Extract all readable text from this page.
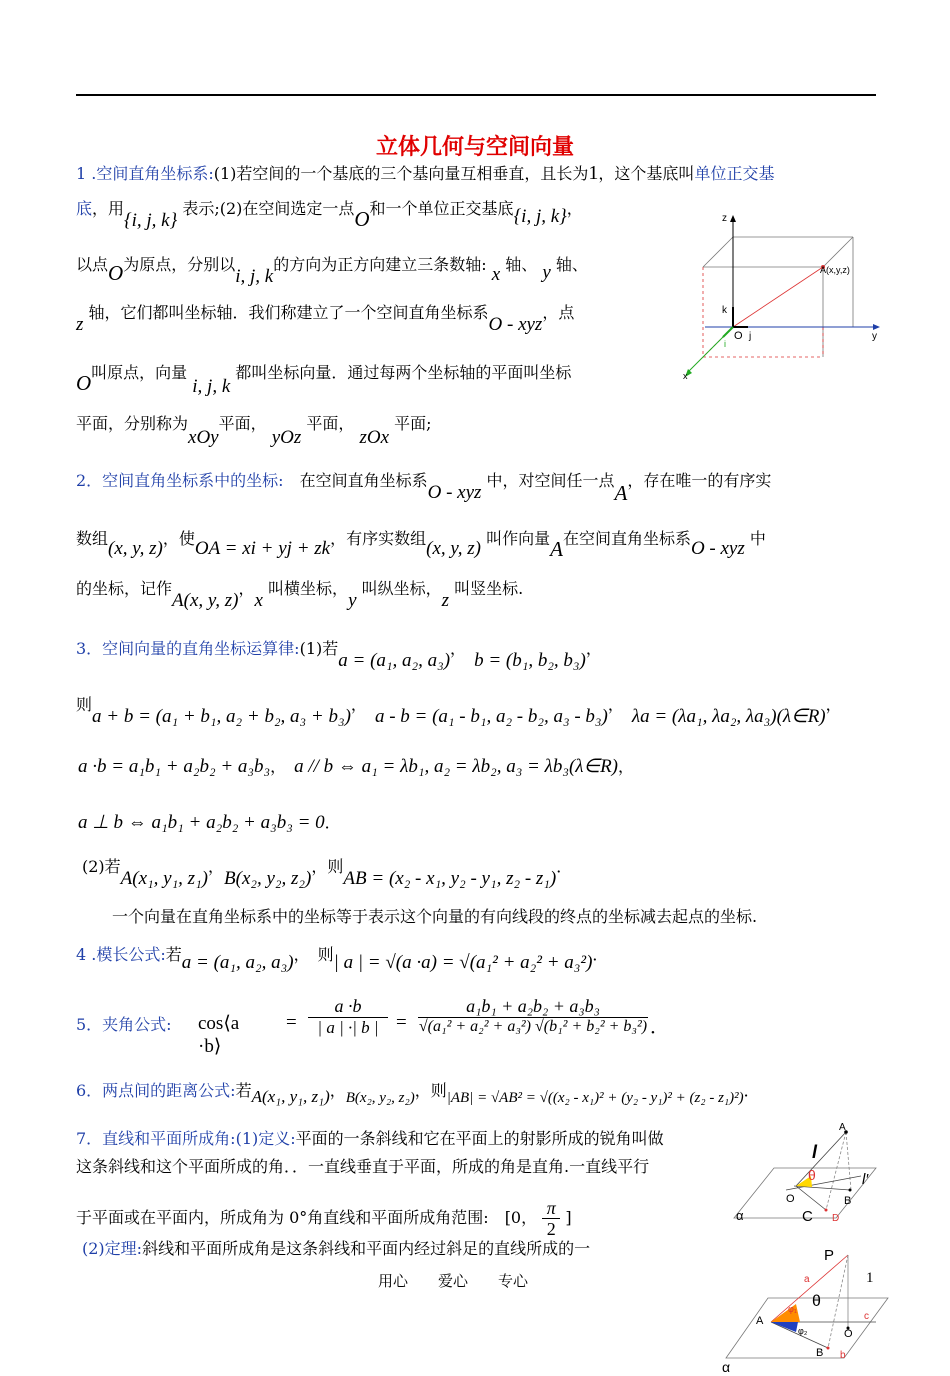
立体几何与空间向量
1 .空间直角坐标系:(1)若空间的一个基底的三个基向量互相垂直，且长为1，这个基底叫单位正交基
底，用{i, j, k} 表示;(2)在空间选定一点O和一个单位正交基底{i, j, k}，
以点O为原点，分别以i, j, k的方向为正方向建立三条数轴: x 轴、 y 轴、
z 轴，它们都叫坐标轴．我们称建立了一个空间直角坐标系O - xyz，点
O叫原点，向量 i, j, k 都叫坐标向量．通过每两个坐标轴的平面叫坐标
平面，分别称为xOy平面， yOz 平面， zOx 平面;
z
k
i
O j	y
x
A(x,y,z)
2．空间直角坐标系中的坐标:　 在空间直角坐标系O - xyz 中，对空间任一点A，存在唯一的有序实
数组(x, y, z)，使OA = xi + yj + zk，有序实数组(x, y, z) 叫作向量A在空间直角坐标系O - xyz 中
的坐标，记作A(x, y, z)，x 叫横坐标，y 叫纵坐标，z 叫竖坐标.
3．空间向量的直角坐标运算律:(1)若a = (a₁, a₂, a₃)，　b = (b₁, b₂, b₃)，
则a + b = (a₁ + b₁, a₂ + b₂, a₃ + b₃)，　a - b = (a₁ - b₁, a₂ - b₂, a₃ - b₃)，　λa = (λa₁, λa₂, λa₃)(λ∈R)，
a ·b = a₁b₁ + a₂b₂ + a₃b₃，　a // b ⇔ a₁ = λb₁, a₂ = λb₂, a₃ = λb₃(λ∈R)，
a ⊥ b ⇔ a₁b₁ + a₂b₂ + a₃b₃ = 0．
(2)若A(x₁, y₁, z₁)，B(x₂, y₂, z₂)，则AB = (x₂ - x₁, y₂ - y₁, z₂ - z₁)．
一个向量在直角坐标系中的坐标等于表示这个向量的有向线段的终点的坐标减去起点的坐标.
4 .模长公式:若a = (a₁, a₂, a₃)，　 则| a | = √(a ·a) = √(a₁² + a₂² + a₃²)．
5．夹角公式: cos⟨a ·b⟩
=
a ·b
| a | ·| b | =
a₁b₁ + a₂b₂ + a₃b₃
√(a₁² + a₂² + a₃²) √(b₁² + b₂² + b₃²) ．
6．两点间的距离公式:若A(x₁, y₁, z₁)，B(x₂, y₂, z₂)，则|AB| = √AB² = √((x₂ - x₁)² + (y₂ - y₁)² + (z₂ - z₁)²)．
7．直线和平面所成角:(1)定义:平面的一条斜线和它在平面上的射影所成的锐角叫做
这条斜线和这个平面所成的角．．一直线垂直于平面，所成的角是直角.一直线平行
于平面或在平面内，所成角为 0°角直线和平面所成角范围:　 [0， $\frac{\pi}{2}$ ]
(2)定理:斜线和平面所成角是这条斜线和平面内经过斜足的直线所成的一
A
l
θ	l′
O	B
α	C D
P
a
φ₁ θ
A
φ₂
c
O
B b
α
用心　　爱心　　专心	1
